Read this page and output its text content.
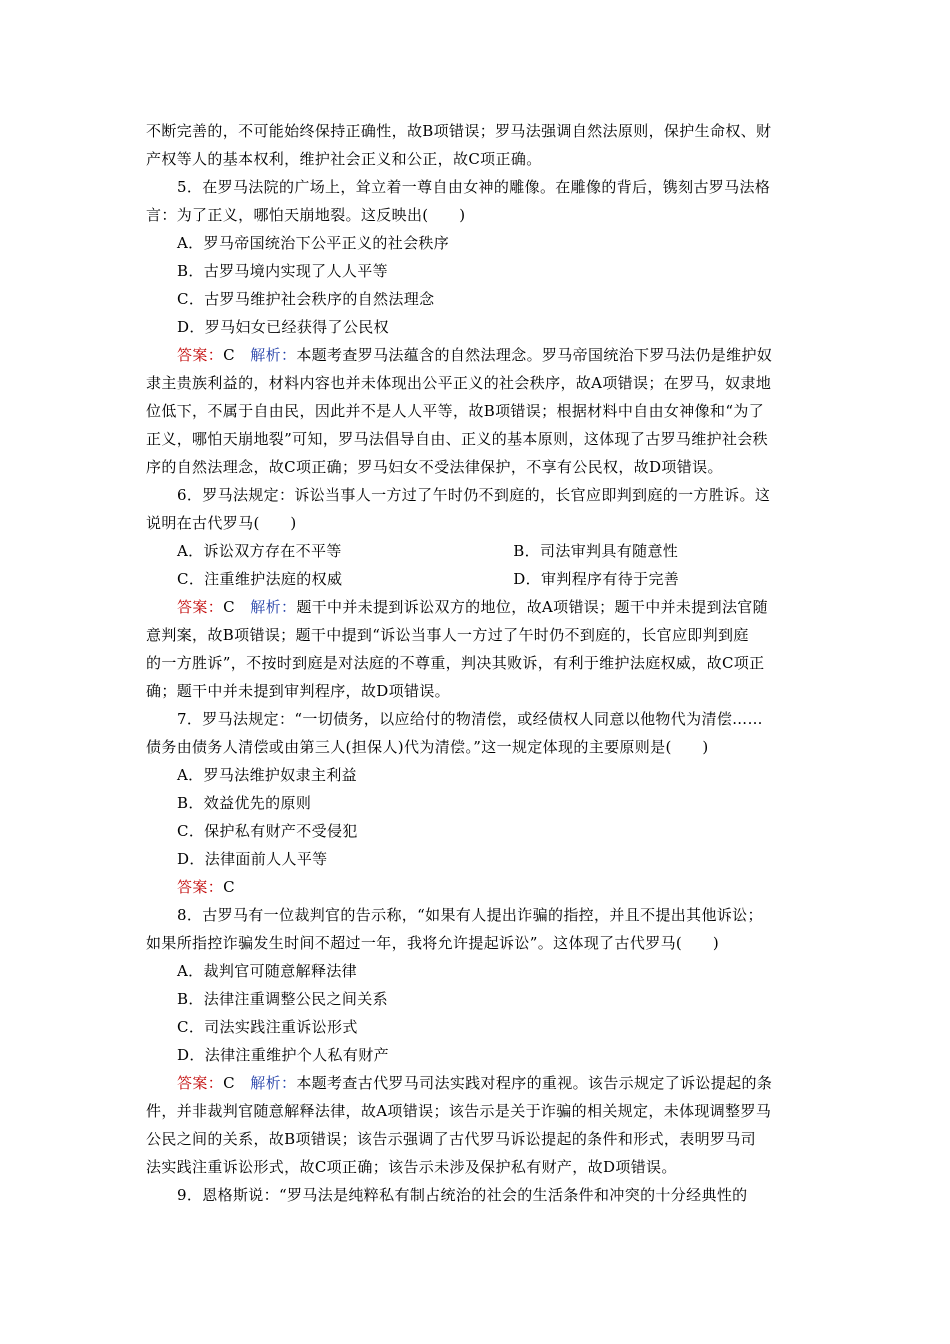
不断完善的，不可能始终保持正确性，故B项错误；罗马法强调自然法原则，保护生命权、财
产权等人的基本权利，维护社会正义和公正，故C项正确。
5．在罗马法院的广场上，耸立着一尊自由女神的雕像。在雕像的背后，镌刻古罗马法格
言：为了正义，哪怕天崩地裂。这反映出(　　)
A．罗马帝国统治下公平正义的社会秩序
B．古罗马境内实现了人人平等
C．古罗马维护社会秩序的自然法理念
D．罗马妇女已经获得了公民权
答案：C　 解析：本题考查罗马法蕴含的自然法理念。罗马帝国统治下罗马法仍是维护奴
隶主贵族利益的，材料内容也并未体现出公平正义的社会秩序，故A项错误；在罗马，奴隶地
位低下，不属于自由民，因此并不是人人平等，故B项错误；根据材料中自由女神像和“为了
正义，哪怕天崩地裂”可知，罗马法倡导自由、正义的基本原则，这体现了古罗马维护社会秩
序的自然法理念，故C项正确；罗马妇女不受法律保护，不享有公民权，故D项错误。
6．罗马法规定：诉讼当事人一方过了午时仍不到庭的，长官应即判到庭的一方胜诉。这
说明在古代罗马(　　)
A．诉讼双方存在不平等	B．司法审判具有随意性
C．注重维护法庭的权威	D．审判程序有待于完善
答案：C　 解析：题干中并未提到诉讼双方的地位，故A项错误；题干中并未提到法官随
意判案，故B项错误；题干中提到“诉讼当事人一方过了午时仍不到庭的，长官应即判到庭
的一方胜诉”，不按时到庭是对法庭的不尊重，判决其败诉，有利于维护法庭权威，故C项正
确；题干中并未提到审判程序，故D项错误。
7．罗马法规定：“一切债务，以应给付的物清偿，或经债权人同意以他物代为清偿……
债务由债务人清偿或由第三人(担保人)代为清偿。”这一规定体现的主要原则是(　　)
A．罗马法维护奴隶主利益
B．效益优先的原则
C．保护私有财产不受侵犯
D．法律面前人人平等
答案：C
8．古罗马有一位裁判官的告示称，“如果有人提出诈骗的指控，并且不提出其他诉讼；
如果所指控诈骗发生时间不超过一年，我将允许提起诉讼”。这体现了古代罗马(　　)
A．裁判官可随意解释法律
B．法律注重调整公民之间关系
C．司法实践注重诉讼形式
D．法律注重维护个人私有财产
答案：C　 解析：本题考查古代罗马司法实践对程序的重视。该告示规定了诉讼提起的条
件，并非裁判官随意解释法律，故A项错误；该告示是关于诈骗的相关规定，未体现调整罗马
公民之间的关系，故B项错误；该告示强调了古代罗马诉讼提起的条件和形式，表明罗马司
法实践注重诉讼形式，故C项正确；该告示未涉及保护私有财产，故D项错误。
9．恩格斯说：“罗马法是纯粹私有制占统治的社会的生活条件和冲突的十分经典性的
